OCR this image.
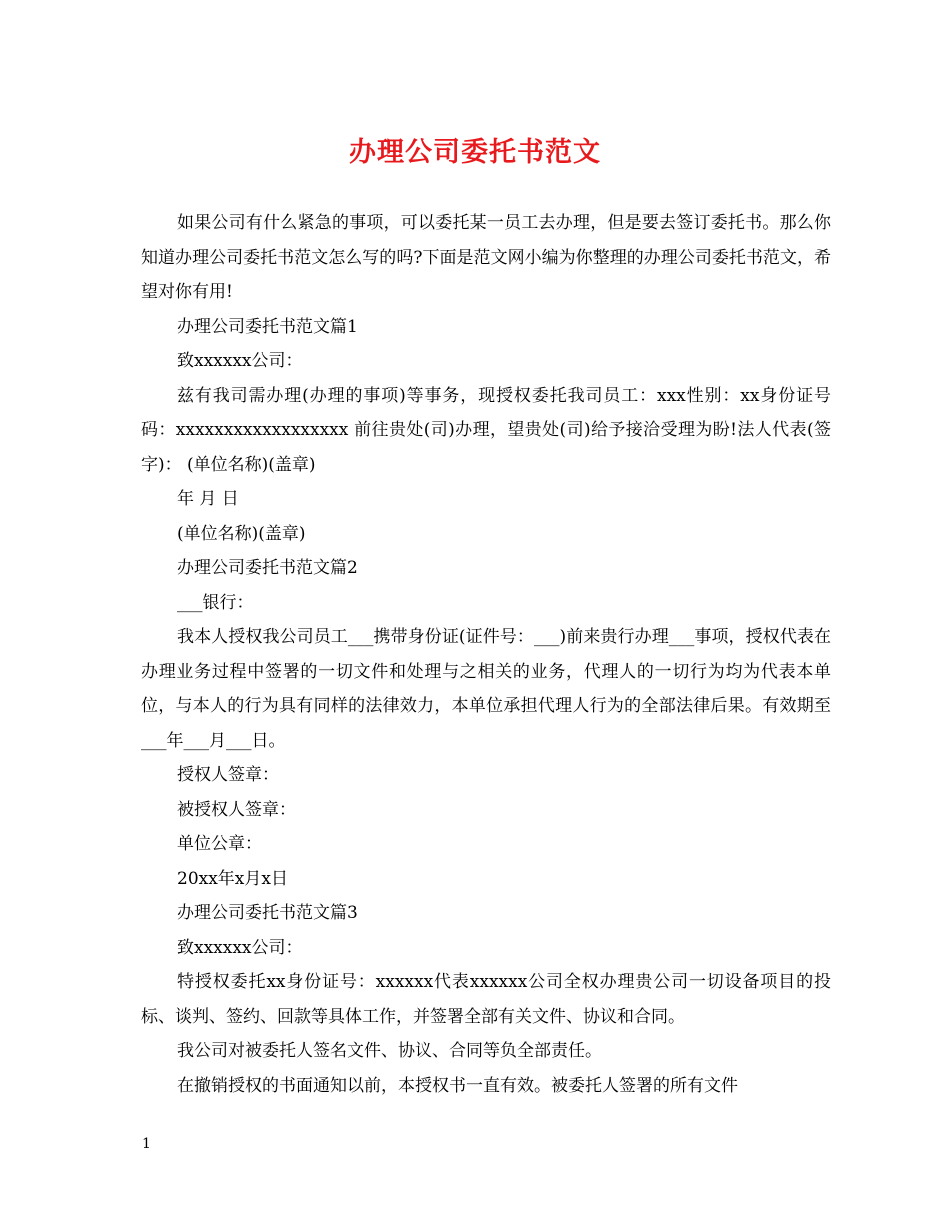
办理公司委托书范文

如果公司有什么紧急的事项，可以委托某一员工去办理，但是要去签订委托书。那么你知道办理公司委托书范文怎么写的吗?下面是范文网小编为你整理的办理公司委托书范文，希望对你有用!

办理公司委托书范文篇1

致xxxxxx公司：

兹有我司需办理(办理的事项)等事务，现授权委托我司员工：xxx性别：xx身份证号码：xxxxxxxxxxxxxxxxxx 前往贵处(司)办理，望贵处(司)给予接洽受理为盼!法人代表(签字)： (单位名称)(盖章)

年 月 日

(单位名称)(盖章)

办理公司委托书范文篇2

___银行：

我本人授权我公司员工___携带身份证(证件号：___)前来贵行办理___事项，授权代表在办理业务过程中签署的一切文件和处理与之相关的业务，代理人的一切行为均为代表本单位，与本人的行为具有同样的法律效力，本单位承担代理人行为的全部法律后果。有效期至___年___月___日。

授权人签章：

被授权人签章：

单位公章：

20xx年x月x日

办理公司委托书范文篇3

致xxxxxx公司：

特授权委托xx身份证号：xxxxxx代表xxxxxx公司全权办理贵公司一切设备项目的投标、谈判、签约、回款等具体工作，并签署全部有关文件、协议和合同。

我公司对被委托人签名文件、协议、合同等负全部责任。

在撤销授权的书面通知以前，本授权书一直有效。被委托人签署的所有文件

1
